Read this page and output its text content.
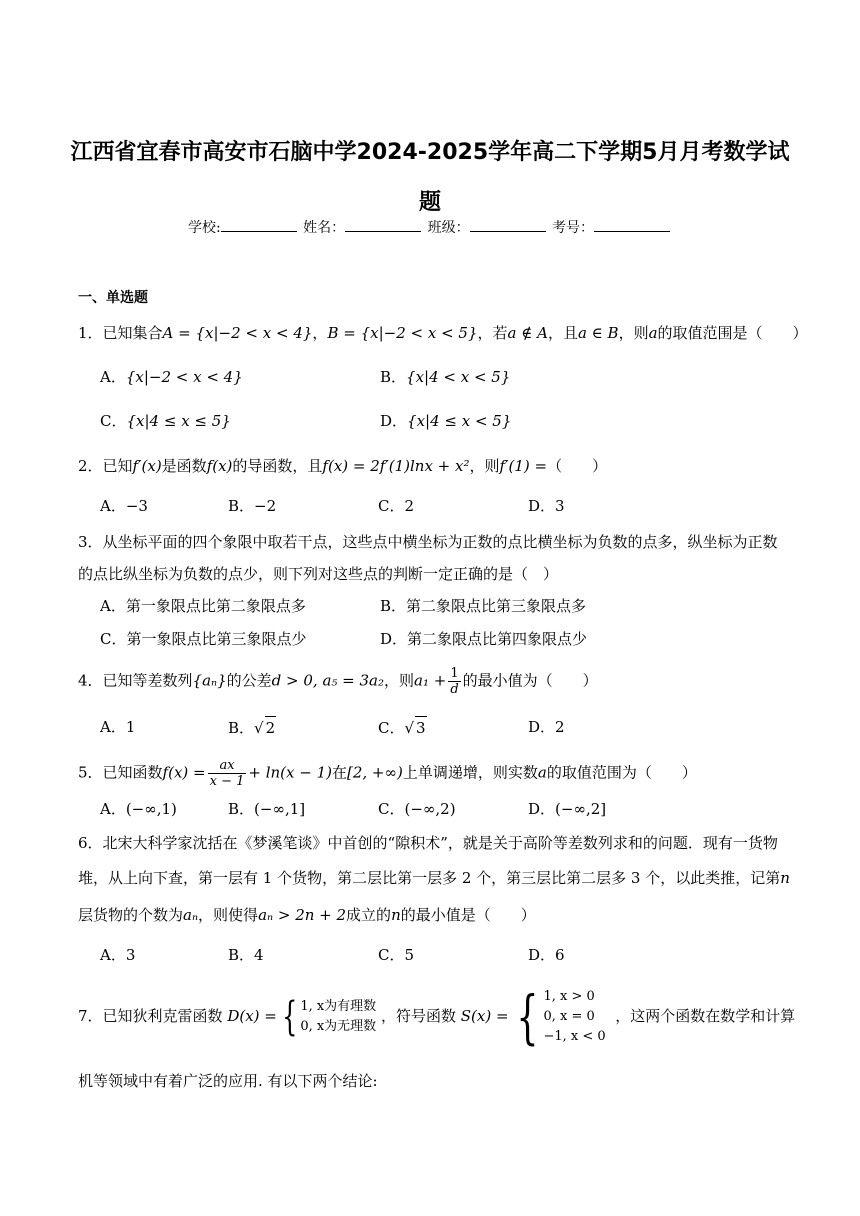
江西省宜春市高安市石脑中学2024-2025学年高二下学期5月月考数学试题
学校:	姓名：	班级：	考号：
一、单选题
1．已知集合A = {x|−2 < x < 4}，B = {x|−2 < x < 5}，若a ∉ A，且a ∈ B，则a的取值范围是（　　）
A．{x|−2 < x < 4}	B．{x|4 < x < 5}
C．{x|4 ≤ x ≤ 5}	D．{x|4 ≤ x < 5}
2．已知f′(x)是函数f(x)的导函数，且f(x) = 2f′(1)lnx + x²，则f′(1) =（　　）
A．−3	B．−2	C．2	D．3
3．从坐标平面的四个象限中取若干点，这些点中横坐标为正数的点比横坐标为负数的点多，纵坐标为正数的点比纵坐标为负数的点少，则下列对这些点的判断一定正确的是（　）
A．第一象限点比第二象限点多	B．第二象限点比第三象限点多
C．第一象限点比第三象限点少	D．第二象限点比第四象限点少
4．已知等差数列{aₙ}的公差d > 0, a₅ = 3a₂，则$a_1 + \frac{1}{d}$ 的最小值为（　　）
A．1	B．√ 2	C．√ 3	D．2
5．已知函数$f(x) = \frac{ax}{x - 1} + \ln(x - 1)$在[2, +∞)上单调递增，则实数a的取值范围为（　　）
A．(−∞,1)	B．(−∞,1]	C．(−∞,2)	D．(−∞,2]
6．北宋大科学家沈括在《梦溪笔谈》中首创的“隙积术”，就是关于高阶等差数列求和的问题．现有一货物
堆，从上向下查，第一层有 1 个货物，第二层比第一层多 2 个，第三层比第二层多 3 个，以此类推，记第n
层货物的个数为aₙ，则使得aₙ > 2n + 2成立的n的最小值是（　　）
A．3	B．4	C．5	D．6
7．已知狄利克雷函数 D(x) = { 1, x为有理数
0, x为无理数
，符号函数 S(x) = { 1, x > 0
0, x = 0
−1, x < 0
，这两个函数在数学和计算
机等领域中有着广泛的应用. 有以下两个结论:
